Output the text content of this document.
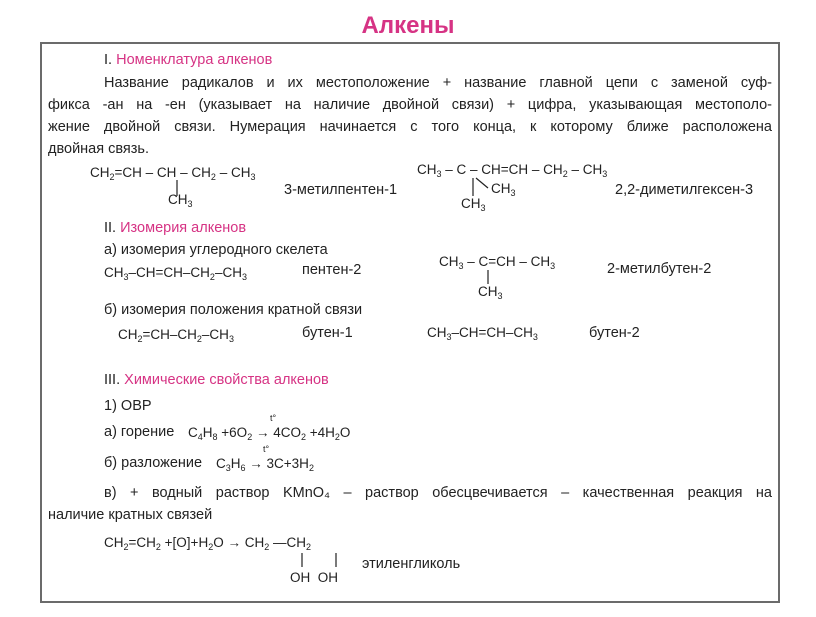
Алкены
I. Номенклатура алкенов
Название радикалов и их местоположение + название главной цепи с заменой суф-
фикса -ан на -ен (указывает на наличие двойной связи) + цифра, указывающая местополо-
жение двойной связи. Нумерация начинается с того конца, к которому ближе расположена
двойная связь.
$CH_2=CH$ – CH – $CH_2 - CH_3$
$CH_3$
3-метилпентен-1
$CH_3 - C - CH=CH - CH_2 - CH_3$
$CH_3$
$CH_3$
2,2-диметилгексен-3
II. Изомерия алкенов
а) изомерия углеродного скелета
$CH_3-CH=CH-CH_2-CH_3$	пентен-2
$CH_3 - C=CH - CH_3$
$CH_3$
2-метилбутен-2
б) изомерия положения кратной связи
$CH_2=CH-CH_2-CH_3$	бутен-1	$CH_3-CH=CH-CH_3$	бутен-2
III. Химические свойства алкенов
1) ОВР
а) горение $C_4H_8 +6O_2 \to 4CO_2 +4H_2O$
t°
б) разложение $C_3H_6 \to 3C+3H_2$
t°
в) + водный раствор KMnO₄ – раствор обесцвечивается – качественная реакция на
наличие кратных связей
$CH_2=CH_2 +[O]+H_2O \to CH_2$ $—CH_2$
OH  OH
этиленгликоль
